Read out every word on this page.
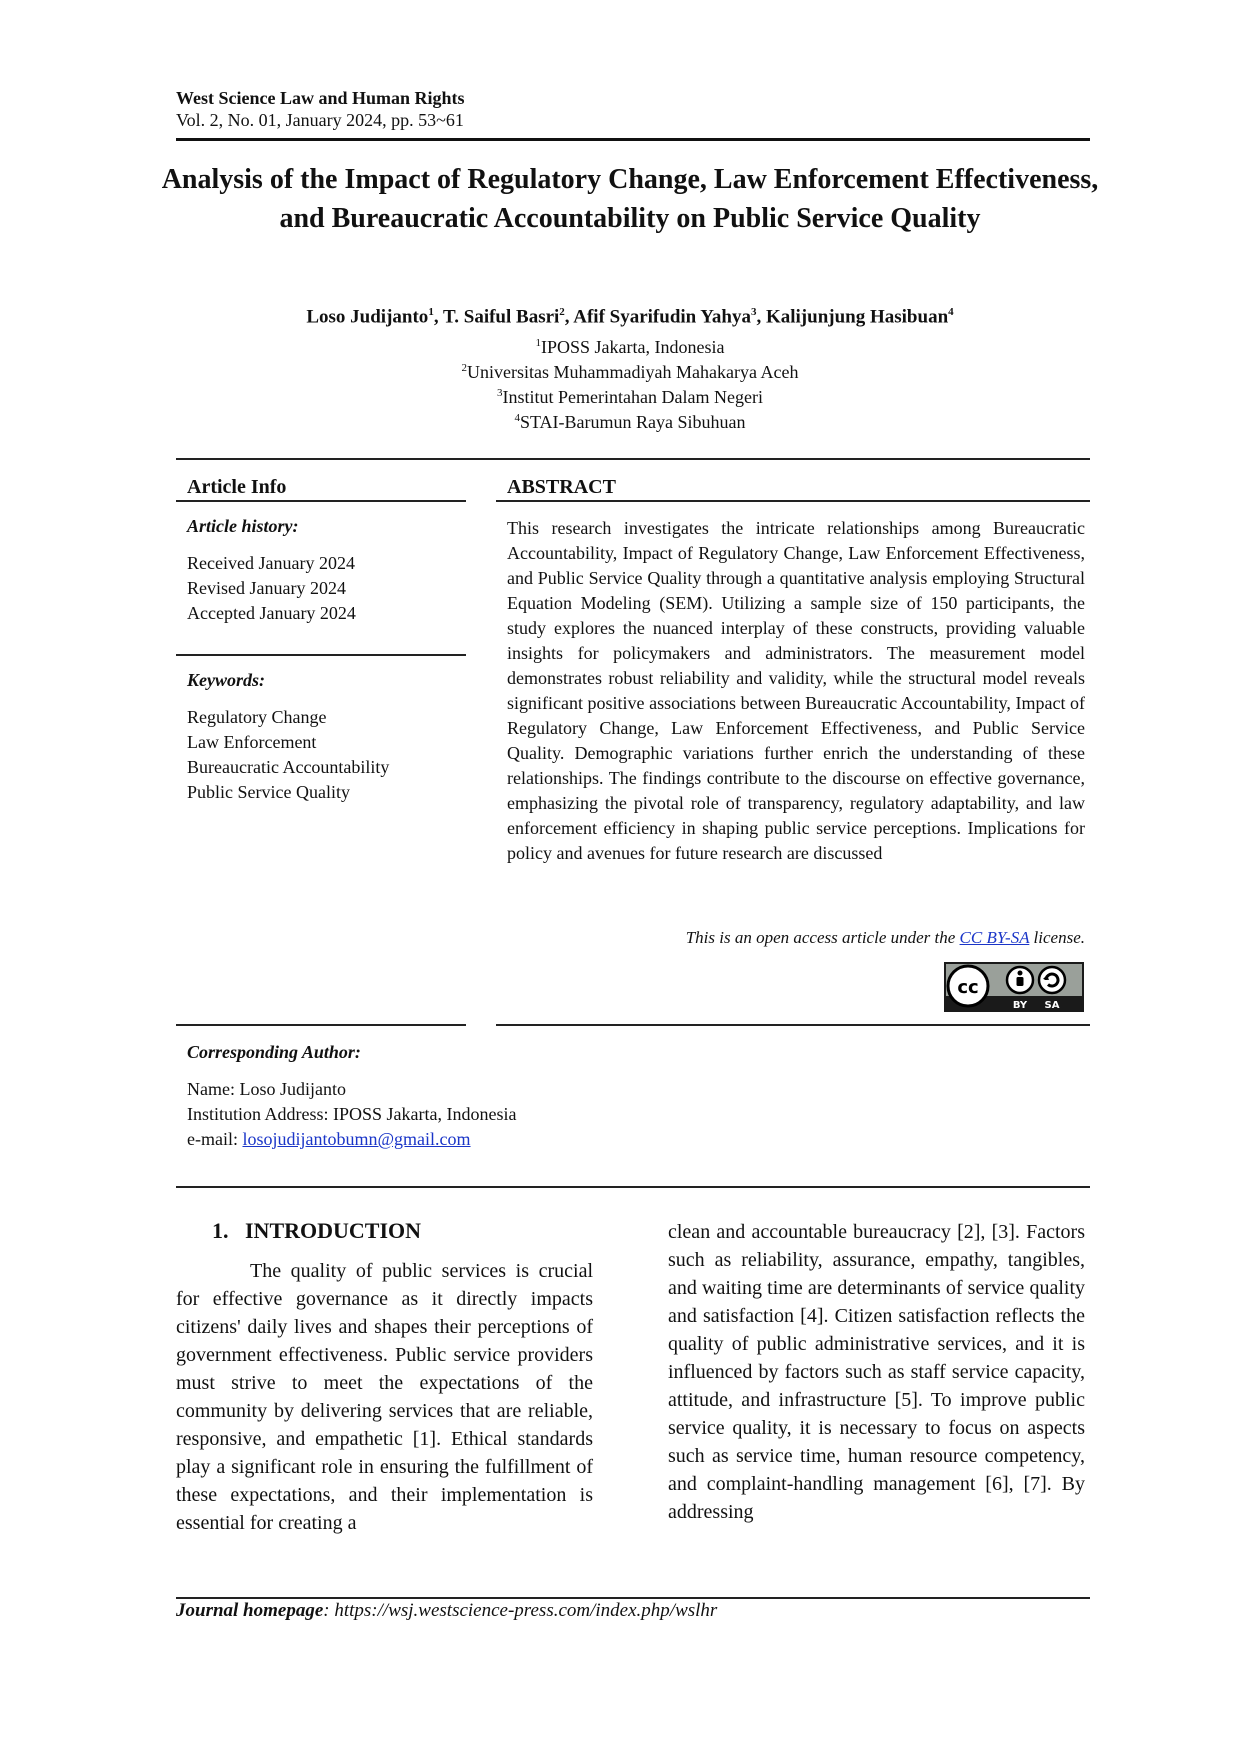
West Science Law and Human Rights
Vol. 2, No. 01, January 2024, pp. 53~61
Analysis of the Impact of Regulatory Change, Law Enforcement Effectiveness, and Bureaucratic Accountability on Public Service Quality
Loso Judijanto$^1$, T. Saiful Basri$^2$, Afif Syarifudin Yahya$^3$, Kalijunjung Hasibuan$^4$
$^1$IPOSS Jakarta, Indonesia
$^2$Universitas Muhammadiyah Mahakarya Aceh
$^3$Institut Pemerintahan Dalam Negeri
$^4$STAI-Barumun Raya Sibuhuan
Article Info
Article history:
Received January 2024
Revised January 2024
Accepted January 2024
Keywords:
Regulatory Change
Law Enforcement
Bureaucratic Accountability
Public Service Quality
ABSTRACT
This research investigates the intricate relationships among Bureaucratic Accountability, Impact of Regulatory Change, Law Enforcement Effectiveness, and Public Service Quality through a quantitative analysis employing Structural Equation Modeling (SEM). Utilizing a sample size of 150 participants, the study explores the nuanced interplay of these constructs, providing valuable insights for policymakers and administrators. The measurement model demonstrates robust reliability and validity, while the structural model reveals significant positive associations between Bureaucratic Accountability, Impact of Regulatory Change, Law Enforcement Effectiveness, and Public Service Quality. Demographic variations further enrich the understanding of these relationships. The findings contribute to the discourse on effective governance, emphasizing the pivotal role of transparency, regulatory adaptability, and law enforcement efficiency in shaping public service perceptions. Implications for policy and avenues for future research are discussed
This is an open access article under the CC BY-SA license.
cc
BY SA
Corresponding Author:
Name: Loso Judijanto
Institution Address: IPOSS Jakarta, Indonesia
e-mail: losojudijantobumn@gmail.com
1.   INTRODUCTION
The quality of public services is crucial for effective governance as it directly impacts citizens' daily lives and shapes their perceptions of government effectiveness. Public service providers must strive to meet the expectations of the community by delivering services that are reliable, responsive, and empathetic [1]. Ethical standards play a significant role in ensuring the fulfillment of these expectations, and their implementation is essential for creating a
clean and accountable bureaucracy [2], [3]. Factors such as reliability, assurance, empathy, tangibles, and waiting time are determinants of service quality and satisfaction [4]. Citizen satisfaction reflects the quality of public administrative services, and it is influenced by factors such as staff service capacity, attitude, and infrastructure [5]. To improve public service quality, it is necessary to focus on aspects such as service time, human resource competency, and complaint-handling management [6], [7]. By addressing
Journal homepage: https://wsj.westscience-press.com/index.php/wslhr
